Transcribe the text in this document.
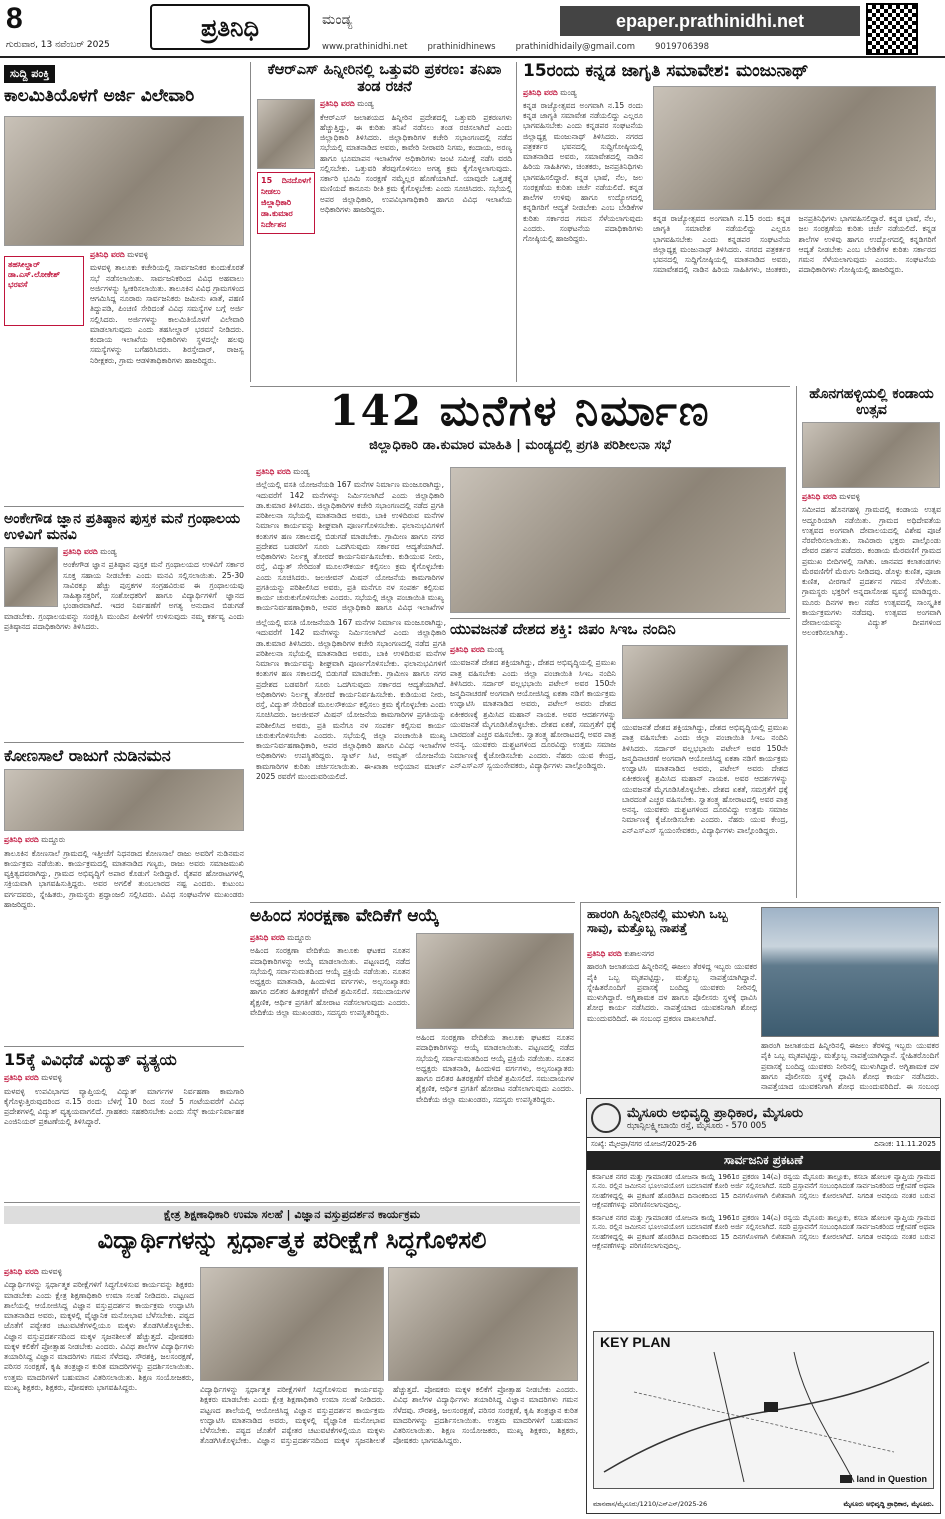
8
ಗುರುವಾರ, 13 ನವೆಂಬರ್ 2025
ಪ್ರತಿನಿಧಿ	ಮಂಡ್ಯ	epaper.prathinidhi.net
www.prathinidhi.net prathinidhinews prathinidhidaily@gmail.com 9019706398
ಸುದ್ದಿ ಪಂಕ್ತಿ
ಕಾಲಮಿತಿಯೊಳಗೆ ಅರ್ಜಿ ವಿಲೇವಾರಿ
ತಹಸೀಲ್ದಾರ್ ಡಾ.ಎಸ್.ಲೋಕೇಶ್ ಭರವಸೆ

ಪ್ರತಿನಿಧಿ ವರದಿ ಮಳವಳ್ಳಿ

ಮಳವಳ್ಳಿ ತಾಲೂಕು ಕಚೇರಿಯಲ್ಲಿ ಸಾರ್ವಜನಿಕರ ಕುಂದುಕೊರತೆ ಸಭೆ ನಡೆಸಲಾಯಿತು. ಸಾರ್ವಜನಿಕರಿಂದ ವಿವಿಧ ಅಹವಾಲು ಅರ್ಜಿಗಳನ್ನು ಸ್ವೀಕರಿಸಲಾಯಿತು. ತಾಲೂಕಿನ ವಿವಿಧ ಗ್ರಾಮಗಳಿಂದ ಆಗಮಿಸಿದ್ದ ನೂರಾರು ಸಾರ್ವಜನಿಕರು ಜಮೀನು ಖಾತೆ, ಪಹಣಿ ತಿದ್ದುಪಡಿ, ಪಿಂಚಣಿ ಸೇರಿದಂತೆ ವಿವಿಧ ಸಮಸ್ಯೆಗಳ ಬಗ್ಗೆ ಅರ್ಜಿ ಸಲ್ಲಿಸಿದರು. ಅರ್ಜಿಗಳನ್ನು ಕಾಲಮಿತಿಯೊಳಗೆ ವಿಲೇವಾರಿ ಮಾಡಲಾಗುವುದು ಎಂದು ತಹಸೀಲ್ದಾರ್ ಭರವಸೆ ನೀಡಿದರು. ಕಂದಾಯ ಇಲಾಖೆಯ ಅಧಿಕಾರಿಗಳು ಸ್ಥಳದಲ್ಲೇ ಹಲವು ಸಮಸ್ಯೆಗಳನ್ನು ಬಗೆಹರಿಸಿದರು. ಶಿರಸ್ತೇದಾರ್, ರಾಜಸ್ವ ನಿರೀಕ್ಷಕರು, ಗ್ರಾಮ ಆಡಳಿತಾಧಿಕಾರಿಗಳು ಹಾಜರಿದ್ದರು.

ಅಂಕೇಗೌಡ ಜ್ಞಾನ ಪ್ರತಿಷ್ಠಾನ ಪುಸ್ತಕ ಮನೆ ಗ್ರಂಥಾಲಯ ಉಳಿವಿಗೆ ಮನವಿ

ಪ್ರತಿನಿಧಿ ವರದಿ ಮಂಡ್ಯ

ಅಂಕೇಗೌಡ ಜ್ಞಾನ ಪ್ರತಿಷ್ಠಾನ ಪುಸ್ತಕ ಮನೆ ಗ್ರಂಥಾಲಯದ ಉಳಿವಿಗೆ ಸರ್ಕಾರ ಸೂಕ್ತ ಸಹಾಯ ನೀಡಬೇಕು ಎಂದು ಮನವಿ ಸಲ್ಲಿಸಲಾಯಿತು. 25-30 ಸಾವಿರಕ್ಕೂ ಹೆಚ್ಚು ಪುಸ್ತಕಗಳ ಸಂಗ್ರಹವಿರುವ ಈ ಗ್ರಂಥಾಲಯವು ಸಾಹಿತ್ಯಾಸಕ್ತರಿಗೆ, ಸಂಶೋಧಕರಿಗೆ ಹಾಗೂ ವಿದ್ಯಾರ್ಥಿಗಳಿಗೆ ಜ್ಞಾನದ ಭಂಡಾರವಾಗಿದೆ. ಇದರ ನಿರ್ವಹಣೆಗೆ ಅಗತ್ಯ ಅನುದಾನ ಬಿಡುಗಡೆ ಮಾಡಬೇಕು. ಗ್ರಂಥಾಲಯವನ್ನು ಸಂರಕ್ಷಿಸಿ ಮುಂದಿನ ಪೀಳಿಗೆಗೆ ಉಳಿಸುವುದು ನಮ್ಮ ಕರ್ತವ್ಯ ಎಂದು ಪ್ರತಿಷ್ಠಾನದ ಪದಾಧಿಕಾರಿಗಳು ತಿಳಿಸಿದರು.

ಕೋಣಸಾಲೆ ರಾಜುಗೆ ನುಡಿನಮನ

ಪ್ರತಿನಿಧಿ ವರದಿ ಮದ್ದೂರು

ತಾಲೂಕಿನ ಕೋಣಸಾಲೆ ಗ್ರಾಮದಲ್ಲಿ ಇತ್ತೀಚೆಗೆ ನಿಧನರಾದ ಕೋಣಸಾಲೆ ರಾಜು ಅವರಿಗೆ ನುಡಿನಮನ ಕಾರ್ಯಕ್ರಮ ನಡೆಯಿತು. ಕಾರ್ಯಕ್ರಮದಲ್ಲಿ ಮಾತನಾಡಿದ ಗಣ್ಯರು, ರಾಜು ಅವರು ಸಮಾಜಮುಖಿ ವ್ಯಕ್ತಿತ್ವದವರಾಗಿದ್ದು, ಗ್ರಾಮದ ಅಭಿವೃದ್ಧಿಗೆ ಅಪಾರ ಕೊಡುಗೆ ನೀಡಿದ್ದಾರೆ. ರೈತಪರ ಹೋರಾಟಗಳಲ್ಲಿ ಸಕ್ರಿಯವಾಗಿ ಭಾಗವಹಿಸುತ್ತಿದ್ದರು. ಅವರ ಅಗಲಿಕೆ ತುಂಬಲಾರದ ನಷ್ಟ ಎಂದರು. ಕುಟುಂಬ ವರ್ಗದವರು, ಸ್ನೇಹಿತರು, ಗ್ರಾಮಸ್ಥರು ಶ್ರದ್ಧಾಂಜಲಿ ಸಲ್ಲಿಸಿದರು. ವಿವಿಧ ಸಂಘಟನೆಗಳ ಮುಖಂಡರು ಹಾಜರಿದ್ದರು.

15ಕ್ಕೆ ವಿವಿಧೆಡೆ ವಿದ್ಯುತ್ ವ್ಯತ್ಯಯ

ಪ್ರತಿನಿಧಿ ವರದಿ ಮಳವಳ್ಳಿ

ಮಳವಳ್ಳಿ ಉಪವಿಭಾಗದ ವ್ಯಾಪ್ತಿಯಲ್ಲಿ ವಿದ್ಯುತ್ ಮಾರ್ಗಗಳ ನಿರ್ವಹಣಾ ಕಾಮಗಾರಿ ಕೈಗೊಳ್ಳುತ್ತಿರುವುದರಿಂದ ನ.15 ರಂದು ಬೆಳಿಗ್ಗೆ 10 ರಿಂದ ಸಂಜೆ 5 ಗಂಟೆಯವರೆಗೆ ವಿವಿಧ ಪ್ರದೇಶಗಳಲ್ಲಿ ವಿದ್ಯುತ್ ವ್ಯತ್ಯಯವಾಗಲಿದೆ. ಗ್ರಾಹಕರು ಸಹಕರಿಸಬೇಕು ಎಂದು ಸೆಸ್ಕ್ ಕಾರ್ಯನಿರ್ವಾಹಕ ಎಂಜಿನಿಯರ್ ಪ್ರಕಟಣೆಯಲ್ಲಿ ತಿಳಿಸಿದ್ದಾರೆ.

ಕೆಆರ್‌ಎಸ್ ಹಿನ್ನೀರಿನಲ್ಲಿ ಒತ್ತುವರಿ ಪ್ರಕರಣ: ತನಿಖಾ ತಂಡ ರಚನೆ
15 ದಿನದೊಳಗೆ ನೀಡಲು ಜಿಲ್ಲಾಧಿಕಾರಿ ಡಾ.ಕುಮಾರ ನಿರ್ದೇಶನ

ಪ್ರತಿನಿಧಿ ವರದಿ ಮಂಡ್ಯ

ಕೆಆರ್‌ಎಸ್ ಜಲಾಶಯದ ಹಿನ್ನೀರಿನ ಪ್ರದೇಶದಲ್ಲಿ ಒತ್ತುವರಿ ಪ್ರಕರಣಗಳು ಹೆಚ್ಚುತ್ತಿದ್ದು, ಈ ಕುರಿತು ತನಿಖೆ ನಡೆಸಲು ತಂಡ ರಚಿಸಲಾಗಿದೆ ಎಂದು ಜಿಲ್ಲಾಧಿಕಾರಿ ತಿಳಿಸಿದರು. ಜಿಲ್ಲಾಧಿಕಾರಿಗಳ ಕಚೇರಿ ಸಭಾಂಗಣದಲ್ಲಿ ನಡೆದ ಸಭೆಯಲ್ಲಿ ಮಾತನಾಡಿದ ಅವರು, ಕಾವೇರಿ ನೀರಾವರಿ ನಿಗಮ, ಕಂದಾಯ, ಅರಣ್ಯ ಹಾಗೂ ಭೂಮಾಪನ ಇಲಾಖೆಗಳ ಅಧಿಕಾರಿಗಳು ಜಂಟಿ ಸಮೀಕ್ಷೆ ನಡೆಸಿ ವರದಿ ಸಲ್ಲಿಸಬೇಕು. ಒತ್ತುವರಿ ತೆರವುಗೊಳಿಸಲು ಅಗತ್ಯ ಕ್ರಮ ಕೈಗೊಳ್ಳಲಾಗುವುದು. ಸರ್ಕಾರಿ ಭೂಮಿ ಸಂರಕ್ಷಣೆ ನಮ್ಮೆಲ್ಲರ ಹೊಣೆಯಾಗಿದೆ. ಯಾವುದೇ ಒತ್ತಡಕ್ಕೆ ಮಣಿಯದೆ ಕಾನೂನು ರೀತಿ ಕ್ರಮ ಕೈಗೊಳ್ಳಬೇಕು ಎಂದು ಸೂಚಿಸಿದರು. ಸಭೆಯಲ್ಲಿ ಅಪರ ಜಿಲ್ಲಾಧಿಕಾರಿ, ಉಪವಿಭಾಗಾಧಿಕಾರಿ ಹಾಗೂ ವಿವಿಧ ಇಲಾಖೆಯ ಅಧಿಕಾರಿಗಳು ಹಾಜರಿದ್ದರು.

15ರಂದು ಕನ್ನಡ ಜಾಗೃತಿ ಸಮಾವೇಶ: ಮಂಜುನಾಥ್

ಪ್ರತಿನಿಧಿ ವರದಿ ಮಂಡ್ಯ

ಕನ್ನಡ ರಾಜ್ಯೋತ್ಸವದ ಅಂಗವಾಗಿ ನ.15 ರಂದು ಕನ್ನಡ ಜಾಗೃತಿ ಸಮಾವೇಶ ನಡೆಯಲಿದ್ದು ಎಲ್ಲರೂ ಭಾಗವಹಿಸಬೇಕು ಎಂದು ಕನ್ನಡಪರ ಸಂಘಟನೆಯ ಜಿಲ್ಲಾಧ್ಯಕ್ಷ ಮಂಜುನಾಥ್ ತಿಳಿಸಿದರು. ನಗರದ ಪತ್ರಕರ್ತರ ಭವನದಲ್ಲಿ ಸುದ್ದಿಗೋಷ್ಠಿಯಲ್ಲಿ ಮಾತನಾಡಿದ ಅವರು, ಸಮಾವೇಶದಲ್ಲಿ ನಾಡಿನ ಹಿರಿಯ ಸಾಹಿತಿಗಳು, ಚಿಂತಕರು, ಜನಪ್ರತಿನಿಧಿಗಳು ಭಾಗವಹಿಸಲಿದ್ದಾರೆ. ಕನ್ನಡ ಭಾಷೆ, ನೆಲ, ಜಲ ಸಂರಕ್ಷಣೆಯ ಕುರಿತು ಚರ್ಚೆ ನಡೆಯಲಿದೆ. ಕನ್ನಡ ಶಾಲೆಗಳ ಉಳಿವು ಹಾಗೂ ಉದ್ಯೋಗದಲ್ಲಿ ಕನ್ನಡಿಗರಿಗೆ ಆದ್ಯತೆ ನೀಡಬೇಕು ಎಂಬ ಬೇಡಿಕೆಗಳ ಕುರಿತು ಸರ್ಕಾರದ ಗಮನ ಸೆಳೆಯಲಾಗುವುದು ಎಂದರು. ಸಂಘಟನೆಯ ಪದಾಧಿಕಾರಿಗಳು ಗೋಷ್ಠಿಯಲ್ಲಿ ಹಾಜರಿದ್ದರು.

ಕನ್ನಡ ರಾಜ್ಯೋತ್ಸವದ ಅಂಗವಾಗಿ ನ.15 ರಂದು ಕನ್ನಡ ಜಾಗೃತಿ ಸಮಾವೇಶ ನಡೆಯಲಿದ್ದು ಎಲ್ಲರೂ ಭಾಗವಹಿಸಬೇಕು ಎಂದು ಕನ್ನಡಪರ ಸಂಘಟನೆಯ ಜಿಲ್ಲಾಧ್ಯಕ್ಷ ಮಂಜುನಾಥ್ ತಿಳಿಸಿದರು. ನಗರದ ಪತ್ರಕರ್ತರ ಭವನದಲ್ಲಿ ಸುದ್ದಿಗೋಷ್ಠಿಯಲ್ಲಿ ಮಾತನಾಡಿದ ಅವರು, ಸಮಾವೇಶದಲ್ಲಿ ನಾಡಿನ ಹಿರಿಯ ಸಾಹಿತಿಗಳು, ಚಿಂತಕರು, ಜನಪ್ರತಿನಿಧಿಗಳು ಭಾಗವಹಿಸಲಿದ್ದಾರೆ. ಕನ್ನಡ ಭಾಷೆ, ನೆಲ, ಜಲ ಸಂರಕ್ಷಣೆಯ ಕುರಿತು ಚರ್ಚೆ ನಡೆಯಲಿದೆ. ಕನ್ನಡ ಶಾಲೆಗಳ ಉಳಿವು ಹಾಗೂ ಉದ್ಯೋಗದಲ್ಲಿ ಕನ್ನಡಿಗರಿಗೆ ಆದ್ಯತೆ ನೀಡಬೇಕು ಎಂಬ ಬೇಡಿಕೆಗಳ ಕುರಿತು ಸರ್ಕಾರದ ಗಮನ ಸೆಳೆಯಲಾಗುವುದು ಎಂದರು. ಸಂಘಟನೆಯ ಪದಾಧಿಕಾರಿಗಳು ಗೋಷ್ಠಿಯಲ್ಲಿ ಹಾಜರಿದ್ದರು.

142 ಮನೆಗಳ ನಿರ್ಮಾಣ
ಜಿಲ್ಲಾಧಿಕಾರಿ ಡಾ.ಕುಮಾರ ಮಾಹಿತಿ | ಮಂಡ್ಯದಲ್ಲಿ ಪ್ರಗತಿ ಪರಿಶೀಲನಾ ಸಭೆ

ಪ್ರತಿನಿಧಿ ವರದಿ ಮಂಡ್ಯ

ಜಿಲ್ಲೆಯಲ್ಲಿ ವಸತಿ ಯೋಜನೆಯಡಿ 167 ಮನೆಗಳ ನಿರ್ಮಾಣ ಮಂಜೂರಾಗಿದ್ದು, ಇದುವರೆಗೆ 142 ಮನೆಗಳನ್ನು ನಿರ್ಮಿಸಲಾಗಿದೆ ಎಂದು ಜಿಲ್ಲಾಧಿಕಾರಿ ಡಾ.ಕುಮಾರ ತಿಳಿಸಿದರು. ಜಿಲ್ಲಾಧಿಕಾರಿಗಳ ಕಚೇರಿ ಸಭಾಂಗಣದಲ್ಲಿ ನಡೆದ ಪ್ರಗತಿ ಪರಿಶೀಲನಾ ಸಭೆಯಲ್ಲಿ ಮಾತನಾಡಿದ ಅವರು, ಬಾಕಿ ಉಳಿದಿರುವ ಮನೆಗಳ ನಿರ್ಮಾಣ ಕಾರ್ಯವನ್ನು ಶೀಘ್ರವಾಗಿ ಪೂರ್ಣಗೊಳಿಸಬೇಕು. ಫಲಾನುಭವಿಗಳಿಗೆ ಕಂತುಗಳ ಹಣ ಸಕಾಲದಲ್ಲಿ ಬಿಡುಗಡೆ ಮಾಡಬೇಕು. ಗ್ರಾಮೀಣ ಹಾಗೂ ನಗರ ಪ್ರದೇಶದ ಬಡವರಿಗೆ ಸೂರು ಒದಗಿಸುವುದು ಸರ್ಕಾರದ ಆದ್ಯತೆಯಾಗಿದೆ. ಅಧಿಕಾರಿಗಳು ನಿರ್ಲಕ್ಷ್ಯ ತೋರದೆ ಕಾರ್ಯನಿರ್ವಹಿಸಬೇಕು. ಕುಡಿಯುವ ನೀರು, ರಸ್ತೆ, ವಿದ್ಯುತ್ ಸೇರಿದಂತೆ ಮೂಲಸೌಕರ್ಯ ಕಲ್ಪಿಸಲು ಕ್ರಮ ಕೈಗೊಳ್ಳಬೇಕು ಎಂದು ಸೂಚಿಸಿದರು. ಜಲಜೀವನ್ ಮಿಷನ್ ಯೋಜನೆಯ ಕಾಮಗಾರಿಗಳ ಪ್ರಗತಿಯನ್ನು ಪರಿಶೀಲಿಸಿದ ಅವರು, ಪ್ರತಿ ಮನೆಗೂ ನಳ ಸಂಪರ್ಕ ಕಲ್ಪಿಸುವ ಕಾರ್ಯ ಚುರುಕುಗೊಳಿಸಬೇಕು ಎಂದರು. ಸಭೆಯಲ್ಲಿ ಜಿಲ್ಲಾ ಪಂಚಾಯಿತಿ ಮುಖ್ಯ ಕಾರ್ಯನಿರ್ವಹಣಾಧಿಕಾರಿ, ಅಪರ ಜಿಲ್ಲಾಧಿಕಾರಿ ಹಾಗೂ ವಿವಿಧ ಇಲಾಖೆಗಳ

ಜಿಲ್ಲೆಯಲ್ಲಿ ವಸತಿ ಯೋಜನೆಯಡಿ 167 ಮನೆಗಳ ನಿರ್ಮಾಣ ಮಂಜೂರಾಗಿದ್ದು, ಇದುವರೆಗೆ 142 ಮನೆಗಳನ್ನು ನಿರ್ಮಿಸಲಾಗಿದೆ ಎಂದು ಜಿಲ್ಲಾಧಿಕಾರಿ ಡಾ.ಕುಮಾರ ತಿಳಿಸಿದರು. ಜಿಲ್ಲಾಧಿಕಾರಿಗಳ ಕಚೇರಿ ಸಭಾಂಗಣದಲ್ಲಿ ನಡೆದ ಪ್ರಗತಿ ಪರಿಶೀಲನಾ ಸಭೆಯಲ್ಲಿ ಮಾತನಾಡಿದ ಅವರು, ಬಾಕಿ ಉಳಿದಿರುವ ಮನೆಗಳ ನಿರ್ಮಾಣ ಕಾರ್ಯವನ್ನು ಶೀಘ್ರವಾಗಿ ಪೂರ್ಣಗೊಳಿಸಬೇಕು. ಫಲಾನುಭವಿಗಳಿಗೆ ಕಂತುಗಳ ಹಣ ಸಕಾಲದಲ್ಲಿ ಬಿಡುಗಡೆ ಮಾಡಬೇಕು. ಗ್ರಾಮೀಣ ಹಾಗೂ ನಗರ ಪ್ರದೇಶದ ಬಡವರಿಗೆ ಸೂರು ಒದಗಿಸುವುದು ಸರ್ಕಾರದ ಆದ್ಯತೆಯಾಗಿದೆ. ಅಧಿಕಾರಿಗಳು ನಿರ್ಲಕ್ಷ್ಯ ತೋರದೆ ಕಾರ್ಯನಿರ್ವಹಿಸಬೇಕು. ಕುಡಿಯುವ ನೀರು, ರಸ್ತೆ, ವಿದ್ಯುತ್ ಸೇರಿದಂತೆ ಮೂಲಸೌಕರ್ಯ ಕಲ್ಪಿಸಲು ಕ್ರಮ ಕೈಗೊಳ್ಳಬೇಕು ಎಂದು ಸೂಚಿಸಿದರು. ಜಲಜೀವನ್ ಮಿಷನ್ ಯೋಜನೆಯ ಕಾಮಗಾರಿಗಳ ಪ್ರಗತಿಯನ್ನು ಪರಿಶೀಲಿಸಿದ ಅವರು, ಪ್ರತಿ ಮನೆಗೂ ನಳ ಸಂಪರ್ಕ ಕಲ್ಪಿಸುವ ಕಾರ್ಯ ಚುರುಕುಗೊಳಿಸಬೇಕು ಎಂದರು. ಸಭೆಯಲ್ಲಿ ಜಿಲ್ಲಾ ಪಂಚಾಯಿತಿ ಮುಖ್ಯ ಕಾರ್ಯನಿರ್ವಹಣಾಧಿಕಾರಿ, ಅಪರ ಜಿಲ್ಲಾಧಿಕಾರಿ ಹಾಗೂ ವಿವಿಧ ಇಲಾಖೆಗಳ ಅಧಿಕಾರಿಗಳು ಉಪಸ್ಥಿತರಿದ್ದರು. ಸ್ಮಾರ್ಟ್ ಸಿಟಿ, ಅಮೃತ್ ಯೋಜನೆಯ ಕಾಮಗಾರಿಗಳ ಕುರಿತು ಚರ್ಚಿಸಲಾಯಿತು. ಈ-ಖಾತಾ ಅಭಿಯಾನ ಮಾರ್ಚ್ 2025 ರವರೆಗೆ ಮುಂದುವರಿಯಲಿದೆ.

ಹೊನಗಹಳ್ಳಿಯಲ್ಲಿ ಕಂಡಾಯ ಉತ್ಸವ

ಪ್ರತಿನಿಧಿ ವರದಿ ಮಳವಳ್ಳಿ

ಸಮೀಪದ ಹೊನಗಹಳ್ಳಿ ಗ್ರಾಮದಲ್ಲಿ ಕಂಡಾಯ ಉತ್ಸವ ಅದ್ದೂರಿಯಾಗಿ ನಡೆಯಿತು. ಗ್ರಾಮದ ಅಧಿದೇವತೆಯ ಉತ್ಸವದ ಅಂಗವಾಗಿ ದೇವಾಲಯದಲ್ಲಿ ವಿಶೇಷ ಪೂಜೆ ನೆರವೇರಿಸಲಾಯಿತು. ಸಾವಿರಾರು ಭಕ್ತರು ಪಾಲ್ಗೊಂಡು ದೇವರ ದರ್ಶನ ಪಡೆದರು. ಕಂಡಾಯ ಮೆರವಣಿಗೆ ಗ್ರಾಮದ ಪ್ರಮುಖ ಬೀದಿಗಳಲ್ಲಿ ಸಾಗಿತು. ಜಾನಪದ ಕಲಾತಂಡಗಳು ಮೆರವಣಿಗೆಗೆ ಮೆರುಗು ನೀಡಿದವು. ಡೊಳ್ಳು ಕುಣಿತ, ಪೂಜಾ ಕುಣಿತ, ವೀರಗಾಸೆ ಪ್ರದರ್ಶನ ಗಮನ ಸೆಳೆಯಿತು. ಗ್ರಾಮಸ್ಥರು ಭಕ್ತರಿಗೆ ಅನ್ನದಾಸೋಹ ವ್ಯವಸ್ಥೆ ಮಾಡಿದ್ದರು. ಮೂರು ದಿನಗಳ ಕಾಲ ನಡೆದ ಉತ್ಸವದಲ್ಲಿ ಸಾಂಸ್ಕೃತಿಕ ಕಾರ್ಯಕ್ರಮಗಳು ನಡೆದವು. ಉತ್ಸವದ ಅಂಗವಾಗಿ ದೇವಾಲಯವನ್ನು ವಿದ್ಯುತ್ ದೀಪಗಳಿಂದ ಅಲಂಕರಿಸಲಾಗಿತ್ತು.

ಯುವಜನತೆ ದೇಶದ ಶಕ್ತಿ: ಜಿಪಂ ಸಿಇಒ ನಂದಿನಿ

ಪ್ರತಿನಿಧಿ ವರದಿ ಮಂಡ್ಯ

ಯುವಜನತೆ ದೇಶದ ಶಕ್ತಿಯಾಗಿದ್ದು, ದೇಶದ ಅಭಿವೃದ್ಧಿಯಲ್ಲಿ ಪ್ರಮುಖ ಪಾತ್ರ ವಹಿಸಬೇಕು ಎಂದು ಜಿಲ್ಲಾ ಪಂಚಾಯಿತಿ ಸಿಇಒ ನಂದಿನಿ ತಿಳಿಸಿದರು. ಸರ್ದಾರ್ ವಲ್ಲಭಭಾಯಿ ಪಟೇಲ್ ಅವರ 150ನೇ ಜನ್ಮದಿನಾಚರಣೆ ಅಂಗವಾಗಿ ಆಯೋಜಿಸಿದ್ದ ಏಕತಾ ನಡಿಗೆ ಕಾರ್ಯಕ್ರಮ ಉದ್ಘಾಟಿಸಿ ಮಾತನಾಡಿದ ಅವರು, ಪಟೇಲ್ ಅವರು ದೇಶದ ಏಕೀಕರಣಕ್ಕೆ ಶ್ರಮಿಸಿದ ಮಹಾನ್ ನಾಯಕ. ಅವರ ಆದರ್ಶಗಳನ್ನು ಯುವಜನತೆ ಮೈಗೂಡಿಸಿಕೊಳ್ಳಬೇಕು. ದೇಶದ ಏಕತೆ, ಸಮಗ್ರತೆಗೆ ಧಕ್ಕೆ ಬಾರದಂತೆ ಎಚ್ಚರ ವಹಿಸಬೇಕು. ಸ್ವಾತಂತ್ರ್ಯ ಹೋರಾಟದಲ್ಲಿ ಅವರ ಪಾತ್ರ ಅನನ್ಯ. ಯುವಕರು ದುಶ್ಚಟಗಳಿಂದ ದೂರವಿದ್ದು ಉತ್ತಮ ಸಮಾಜ ನಿರ್ಮಾಣಕ್ಕೆ ಕೈಜೋಡಿಸಬೇಕು ಎಂದರು. ನೆಹರು ಯುವ ಕೇಂದ್ರ, ಎನ್‌ಎಸ್‌ಎಸ್ ಸ್ವಯಂಸೇವಕರು, ವಿದ್ಯಾರ್ಥಿಗಳು ಪಾಲ್ಗೊಂಡಿದ್ದರು.

ಯುವಜನತೆ ದೇಶದ ಶಕ್ತಿಯಾಗಿದ್ದು, ದೇಶದ ಅಭಿವೃದ್ಧಿಯಲ್ಲಿ ಪ್ರಮುಖ ಪಾತ್ರ ವಹಿಸಬೇಕು ಎಂದು ಜಿಲ್ಲಾ ಪಂಚಾಯಿತಿ ಸಿಇಒ ನಂದಿನಿ ತಿಳಿಸಿದರು. ಸರ್ದಾರ್ ವಲ್ಲಭಭಾಯಿ ಪಟೇಲ್ ಅವರ 150ನೇ ಜನ್ಮದಿನಾಚರಣೆ ಅಂಗವಾಗಿ ಆಯೋಜಿಸಿದ್ದ ಏಕತಾ ನಡಿಗೆ ಕಾರ್ಯಕ್ರಮ ಉದ್ಘಾಟಿಸಿ ಮಾತನಾಡಿದ ಅವರು, ಪಟೇಲ್ ಅವರು ದೇಶದ ಏಕೀಕರಣಕ್ಕೆ ಶ್ರಮಿಸಿದ ಮಹಾನ್ ನಾಯಕ. ಅವರ ಆದರ್ಶಗಳನ್ನು ಯುವಜನತೆ ಮೈಗೂಡಿಸಿಕೊಳ್ಳಬೇಕು. ದೇಶದ ಏಕತೆ, ಸಮಗ್ರತೆಗೆ ಧಕ್ಕೆ ಬಾರದಂತೆ ಎಚ್ಚರ ವಹಿಸಬೇಕು. ಸ್ವಾತಂತ್ರ್ಯ ಹೋರಾಟದಲ್ಲಿ ಅವರ ಪಾತ್ರ ಅನನ್ಯ. ಯುವಕರು ದುಶ್ಚಟಗಳಿಂದ ದೂರವಿದ್ದು ಉತ್ತಮ ಸಮಾಜ ನಿರ್ಮಾಣಕ್ಕೆ ಕೈಜೋಡಿಸಬೇಕು ಎಂದರು. ನೆಹರು ಯುವ ಕೇಂದ್ರ, ಎನ್‌ಎಸ್‌ಎಸ್ ಸ್ವಯಂಸೇವಕರು, ವಿದ್ಯಾರ್ಥಿಗಳು ಪಾಲ್ಗೊಂಡಿದ್ದರು.

ಅಹಿಂದ ಸಂರಕ್ಷಣಾ ವೇದಿಕೆಗೆ ಆಯ್ಕೆ

ಪ್ರತಿನಿಧಿ ವರದಿ ಮದ್ದೂರು

ಅಹಿಂದ ಸಂರಕ್ಷಣಾ ವೇದಿಕೆಯ ತಾಲೂಕು ಘಟಕದ ನೂತನ ಪದಾಧಿಕಾರಿಗಳನ್ನು ಆಯ್ಕೆ ಮಾಡಲಾಯಿತು. ಪಟ್ಟಣದಲ್ಲಿ ನಡೆದ ಸಭೆಯಲ್ಲಿ ಸರ್ವಾನುಮತದಿಂದ ಆಯ್ಕೆ ಪ್ರಕ್ರಿಯೆ ನಡೆಯಿತು. ನೂತನ ಅಧ್ಯಕ್ಷರು ಮಾತನಾಡಿ, ಹಿಂದುಳಿದ ವರ್ಗಗಳು, ಅಲ್ಪಸಂಖ್ಯಾತರು ಹಾಗೂ ದಲಿತರ ಹಿತರಕ್ಷಣೆಗೆ ವೇದಿಕೆ ಶ್ರಮಿಸಲಿದೆ. ಸಮುದಾಯಗಳ ಶೈಕ್ಷಣಿಕ, ಆರ್ಥಿಕ ಪ್ರಗತಿಗೆ ಹೋರಾಟ ನಡೆಸಲಾಗುವುದು ಎಂದರು. ವೇದಿಕೆಯ ಜಿಲ್ಲಾ ಮುಖಂಡರು, ಸದಸ್ಯರು ಉಪಸ್ಥಿತರಿದ್ದರು.

ಅಹಿಂದ ಸಂರಕ್ಷಣಾ ವೇದಿಕೆಯ ತಾಲೂಕು ಘಟಕದ ನೂತನ ಪದಾಧಿಕಾರಿಗಳನ್ನು ಆಯ್ಕೆ ಮಾಡಲಾಯಿತು. ಪಟ್ಟಣದಲ್ಲಿ ನಡೆದ ಸಭೆಯಲ್ಲಿ ಸರ್ವಾನುಮತದಿಂದ ಆಯ್ಕೆ ಪ್ರಕ್ರಿಯೆ ನಡೆಯಿತು. ನೂತನ ಅಧ್ಯಕ್ಷರು ಮಾತನಾಡಿ, ಹಿಂದುಳಿದ ವರ್ಗಗಳು, ಅಲ್ಪಸಂಖ್ಯಾತರು ಹಾಗೂ ದಲಿತರ ಹಿತರಕ್ಷಣೆಗೆ ವೇದಿಕೆ ಶ್ರಮಿಸಲಿದೆ. ಸಮುದಾಯಗಳ ಶೈಕ್ಷಣಿಕ, ಆರ್ಥಿಕ ಪ್ರಗತಿಗೆ ಹೋರಾಟ ನಡೆಸಲಾಗುವುದು ಎಂದರು. ವೇದಿಕೆಯ ಜಿಲ್ಲಾ ಮುಖಂಡರು, ಸದಸ್ಯರು ಉಪಸ್ಥಿತರಿದ್ದರು.

ಹಾರಂಗಿ ಹಿನ್ನೀರಿನಲ್ಲಿ ಮುಳುಗಿ ಒಬ್ಬ ಸಾವು, ಮತ್ತೊಬ್ಬ ನಾಪತ್ತೆ

ಪ್ರತಿನಿಧಿ ವರದಿ ಕುಶಾಲನಗರ

ಹಾರಂಗಿ ಜಲಾಶಯದ ಹಿನ್ನೀರಿನಲ್ಲಿ ಈಜಲು ತೆರಳಿದ್ದ ಇಬ್ಬರು ಯುವಕರ ಪೈಕಿ ಒಬ್ಬ ಮೃತಪಟ್ಟಿದ್ದು, ಮತ್ತೊಬ್ಬ ನಾಪತ್ತೆಯಾಗಿದ್ದಾನೆ. ಸ್ನೇಹಿತರೊಂದಿಗೆ ಪ್ರವಾಸಕ್ಕೆ ಬಂದಿದ್ದ ಯುವಕರು ನೀರಿನಲ್ಲಿ ಮುಳುಗಿದ್ದಾರೆ. ಅಗ್ನಿಶಾಮಕ ದಳ ಹಾಗೂ ಪೊಲೀಸರು ಸ್ಥಳಕ್ಕೆ ಧಾವಿಸಿ ಶೋಧ ಕಾರ್ಯ ನಡೆಸಿದರು. ನಾಪತ್ತೆಯಾದ ಯುವಕನಿಗಾಗಿ ಶೋಧ ಮುಂದುವರಿದಿದೆ. ಈ ಸಂಬಂಧ ಪ್ರಕರಣ ದಾಖಲಾಗಿದೆ.

ಹಾರಂಗಿ ಜಲಾಶಯದ ಹಿನ್ನೀರಿನಲ್ಲಿ ಈಜಲು ತೆರಳಿದ್ದ ಇಬ್ಬರು ಯುವಕರ ಪೈಕಿ ಒಬ್ಬ ಮೃತಪಟ್ಟಿದ್ದು, ಮತ್ತೊಬ್ಬ ನಾಪತ್ತೆಯಾಗಿದ್ದಾನೆ. ಸ್ನೇಹಿತರೊಂದಿಗೆ ಪ್ರವಾಸಕ್ಕೆ ಬಂದಿದ್ದ ಯುವಕರು ನೀರಿನಲ್ಲಿ ಮುಳುಗಿದ್ದಾರೆ. ಅಗ್ನಿಶಾಮಕ ದಳ ಹಾಗೂ ಪೊಲೀಸರು ಸ್ಥಳಕ್ಕೆ ಧಾವಿಸಿ ಶೋಧ ಕಾರ್ಯ ನಡೆಸಿದರು. ನಾಪತ್ತೆಯಾದ ಯುವಕನಿಗಾಗಿ ಶೋಧ ಮುಂದುವರಿದಿದೆ. ಈ ಸಂಬಂಧ

ಮೈಸೂರು ಅಭಿವೃದ್ಧಿ ಪ್ರಾಧಿಕಾರ, ಮೈಸೂರು
ಝಾನ್ಸಿಲಕ್ಷ್ಮೀಬಾಯಿ ರಸ್ತೆ, ಮೈಸೂರು - 570 005
ಸಂಖ್ಯೆ: ಮೈಅಪ್ರಾ/ನಗರ ಯೋಜನೆ/2025-26	ದಿನಾಂಕ: 11.11.2025
ಸಾರ್ವಜನಿಕ ಪ್ರಕಟಣೆ

ಕರ್ನಾಟಕ ನಗರ ಮತ್ತು ಗ್ರಾಮಾಂತರ ಯೋಜನಾ ಕಾಯ್ದೆ 1961ರ ಪ್ರಕರಣ 14(ಎ) ರನ್ವಯ ಮೈಸೂರು ತಾಲ್ಲೂಕು, ಕಸಬಾ ಹೋಬಳಿ ವ್ಯಾಪ್ತಿಯ ಗ್ರಾಮದ ಸ.ನಂ. ರಲ್ಲಿನ ಜಮೀನಿನ ಭೂಉಪಯೋಗ ಬದಲಾವಣೆ ಕೋರಿ ಅರ್ಜಿ ಸಲ್ಲಿಸಲಾಗಿದೆ. ಸದರಿ ಪ್ರಸ್ತಾವನೆಗೆ ಸಂಬಂಧಿಸಿದಂತೆ ಸಾರ್ವಜನಿಕರಿಂದ ಆಕ್ಷೇಪಣೆ ಅಥವಾ ಸಲಹೆಗಳಿದ್ದಲ್ಲಿ ಈ ಪ್ರಕಟಣೆ ಹೊರಡಿಸಿದ ದಿನಾಂಕದಿಂದ 15 ದಿನಗಳೊಳಗಾಗಿ ಲಿಖಿತವಾಗಿ ಸಲ್ಲಿಸಲು ಕೋರಲಾಗಿದೆ. ನಿಗದಿತ ಅವಧಿಯ ನಂತರ ಬರುವ ಆಕ್ಷೇಪಣೆಗಳನ್ನು ಪರಿಗಣಿಸಲಾಗುವುದಿಲ್ಲ.

ಕರ್ನಾಟಕ ನಗರ ಮತ್ತು ಗ್ರಾಮಾಂತರ ಯೋಜನಾ ಕಾಯ್ದೆ 1961ರ ಪ್ರಕರಣ 14(ಎ) ರನ್ವಯ ಮೈಸೂರು ತಾಲ್ಲೂಕು, ಕಸಬಾ ಹೋಬಳಿ ವ್ಯಾಪ್ತಿಯ ಗ್ರಾಮದ ಸ.ನಂ. ರಲ್ಲಿನ ಜಮೀನಿನ ಭೂಉಪಯೋಗ ಬದಲಾವಣೆ ಕೋರಿ ಅರ್ಜಿ ಸಲ್ಲಿಸಲಾಗಿದೆ. ಸದರಿ ಪ್ರಸ್ತಾವನೆಗೆ ಸಂಬಂಧಿಸಿದಂತೆ ಸಾರ್ವಜನಿಕರಿಂದ ಆಕ್ಷೇಪಣೆ ಅಥವಾ ಸಲಹೆಗಳಿದ್ದಲ್ಲಿ ಈ ಪ್ರಕಟಣೆ ಹೊರಡಿಸಿದ ದಿನಾಂಕದಿಂದ 15 ದಿನಗಳೊಳಗಾಗಿ ಲಿಖಿತವಾಗಿ ಸಲ್ಲಿಸಲು ಕೋರಲಾಗಿದೆ. ನಿಗದಿತ ಅವಧಿಯ ನಂತರ ಬರುವ ಆಕ್ಷೇಪಣೆಗಳನ್ನು ಪರಿಗಣಿಸಲಾಗುವುದಿಲ್ಲ.

KEY PLAN
land in Question
ಮಾನವಾಸ/ಮೈಸೂರು/1210/ಎಸ್‌ಎಸ್/2025-26	ಮೈಸೂರು ಅಭಿವೃದ್ಧಿ ಪ್ರಾಧಿಕಾರ, ಮೈಸೂರು.
ಕ್ಷೇತ್ರ ಶಿಕ್ಷಣಾಧಿಕಾರಿ ಉಮಾ ಸಲಹೆ | ವಿಜ್ಞಾನ ವಸ್ತುಪ್ರದರ್ಶನ ಕಾರ್ಯಕ್ರಮ
ವಿದ್ಯಾರ್ಥಿಗಳನ್ನು ಸ್ಪರ್ಧಾತ್ಮಕ ಪರೀಕ್ಷೆಗೆ ಸಿದ್ಧಗೊಳಿಸಲಿ

ಪ್ರತಿನಿಧಿ ವರದಿ ಮಳವಳ್ಳಿ

ವಿದ್ಯಾರ್ಥಿಗಳನ್ನು ಸ್ಪರ್ಧಾತ್ಮಕ ಪರೀಕ್ಷೆಗಳಿಗೆ ಸಿದ್ಧಗೊಳಿಸುವ ಕಾರ್ಯವನ್ನು ಶಿಕ್ಷಕರು ಮಾಡಬೇಕು ಎಂದು ಕ್ಷೇತ್ರ ಶಿಕ್ಷಣಾಧಿಕಾರಿ ಉಮಾ ಸಲಹೆ ನೀಡಿದರು. ಪಟ್ಟಣದ ಶಾಲೆಯಲ್ಲಿ ಆಯೋಜಿಸಿದ್ದ ವಿಜ್ಞಾನ ವಸ್ತುಪ್ರದರ್ಶನ ಕಾರ್ಯಕ್ರಮ ಉದ್ಘಾಟಿಸಿ ಮಾತನಾಡಿದ ಅವರು, ಮಕ್ಕಳಲ್ಲಿ ವೈಜ್ಞಾನಿಕ ಮನೋಭಾವ ಬೆಳೆಸಬೇಕು. ಪಠ್ಯದ ಜೊತೆಗೆ ಪಠ್ಯೇತರ ಚಟುವಟಿಕೆಗಳಲ್ಲಿಯೂ ಮಕ್ಕಳು ತೊಡಗಿಸಿಕೊಳ್ಳಬೇಕು. ವಿಜ್ಞಾನ ವಸ್ತುಪ್ರದರ್ಶನದಿಂದ ಮಕ್ಕಳ ಸೃಜನಶೀಲತೆ ಹೆಚ್ಚುತ್ತದೆ. ಪೋಷಕರು ಮಕ್ಕಳ ಕಲಿಕೆಗೆ ಪ್ರೋತ್ಸಾಹ ನೀಡಬೇಕು ಎಂದರು. ವಿವಿಧ ಶಾಲೆಗಳ ವಿದ್ಯಾರ್ಥಿಗಳು ತಯಾರಿಸಿದ್ದ ವಿಜ್ಞಾನ ಮಾದರಿಗಳು ಗಮನ ಸೆಳೆದವು. ಸೌರಶಕ್ತಿ, ಜಲಸಂರಕ್ಷಣೆ, ಪರಿಸರ ಸಂರಕ್ಷಣೆ, ಕೃಷಿ ತಂತ್ರಜ್ಞಾನ ಕುರಿತ ಮಾದರಿಗಳನ್ನು ಪ್ರದರ್ಶಿಸಲಾಯಿತು. ಉತ್ತಮ ಮಾದರಿಗಳಿಗೆ ಬಹುಮಾನ ವಿತರಿಸಲಾಯಿತು. ಶಿಕ್ಷಣ ಸಂಯೋಜಕರು, ಮುಖ್ಯ ಶಿಕ್ಷಕರು, ಶಿಕ್ಷಕರು, ಪೋಷಕರು ಭಾಗವಹಿಸಿದ್ದರು.	ವಿದ್ಯಾರ್ಥಿಗಳನ್ನು ಸ್ಪರ್ಧಾತ್ಮಕ ಪರೀಕ್ಷೆಗಳಿಗೆ ಸಿದ್ಧಗೊಳಿಸುವ ಕಾರ್ಯವನ್ನು ಶಿಕ್ಷಕರು ಮಾಡಬೇಕು ಎಂದು ಕ್ಷೇತ್ರ ಶಿಕ್ಷಣಾಧಿಕಾರಿ ಉಮಾ ಸಲಹೆ ನೀಡಿದರು. ಪಟ್ಟಣದ ಶಾಲೆಯಲ್ಲಿ ಆಯೋಜಿಸಿದ್ದ ವಿಜ್ಞಾನ ವಸ್ತುಪ್ರದರ್ಶನ ಕಾರ್ಯಕ್ರಮ ಉದ್ಘಾಟಿಸಿ ಮಾತನಾಡಿದ ಅವರು, ಮಕ್ಕಳಲ್ಲಿ ವೈಜ್ಞಾನಿಕ ಮನೋಭಾವ ಬೆಳೆಸಬೇಕು. ಪಠ್ಯದ ಜೊತೆಗೆ ಪಠ್ಯೇತರ ಚಟುವಟಿಕೆಗಳಲ್ಲಿಯೂ ಮಕ್ಕಳು ತೊಡಗಿಸಿಕೊಳ್ಳಬೇಕು. ವಿಜ್ಞಾನ ವಸ್ತುಪ್ರದರ್ಶನದಿಂದ ಮಕ್ಕಳ ಸೃಜನಶೀಲತೆ ಹೆಚ್ಚುತ್ತದೆ. ಪೋಷಕರು ಮಕ್ಕಳ ಕಲಿಕೆಗೆ ಪ್ರೋತ್ಸಾಹ ನೀಡಬೇಕು ಎಂದರು. ವಿವಿಧ ಶಾಲೆಗಳ ವಿದ್ಯಾರ್ಥಿಗಳು ತಯಾರಿಸಿದ್ದ ವಿಜ್ಞಾನ ಮಾದರಿಗಳು ಗಮನ ಸೆಳೆದವು. ಸೌರಶಕ್ತಿ, ಜಲಸಂರಕ್ಷಣೆ, ಪರಿಸರ ಸಂರಕ್ಷಣೆ, ಕೃಷಿ ತಂತ್ರಜ್ಞಾನ ಕುರಿತ ಮಾದರಿಗಳನ್ನು ಪ್ರದರ್ಶಿಸಲಾಯಿತು. ಉತ್ತಮ ಮಾದರಿಗಳಿಗೆ ಬಹುಮಾನ ವಿತರಿಸಲಾಯಿತು. ಶಿಕ್ಷಣ ಸಂಯೋಜಕರು, ಮುಖ್ಯ ಶಿಕ್ಷಕರು, ಶಿಕ್ಷಕರು, ಪೋಷಕರು ಭಾಗವಹಿಸಿದ್ದರು.
